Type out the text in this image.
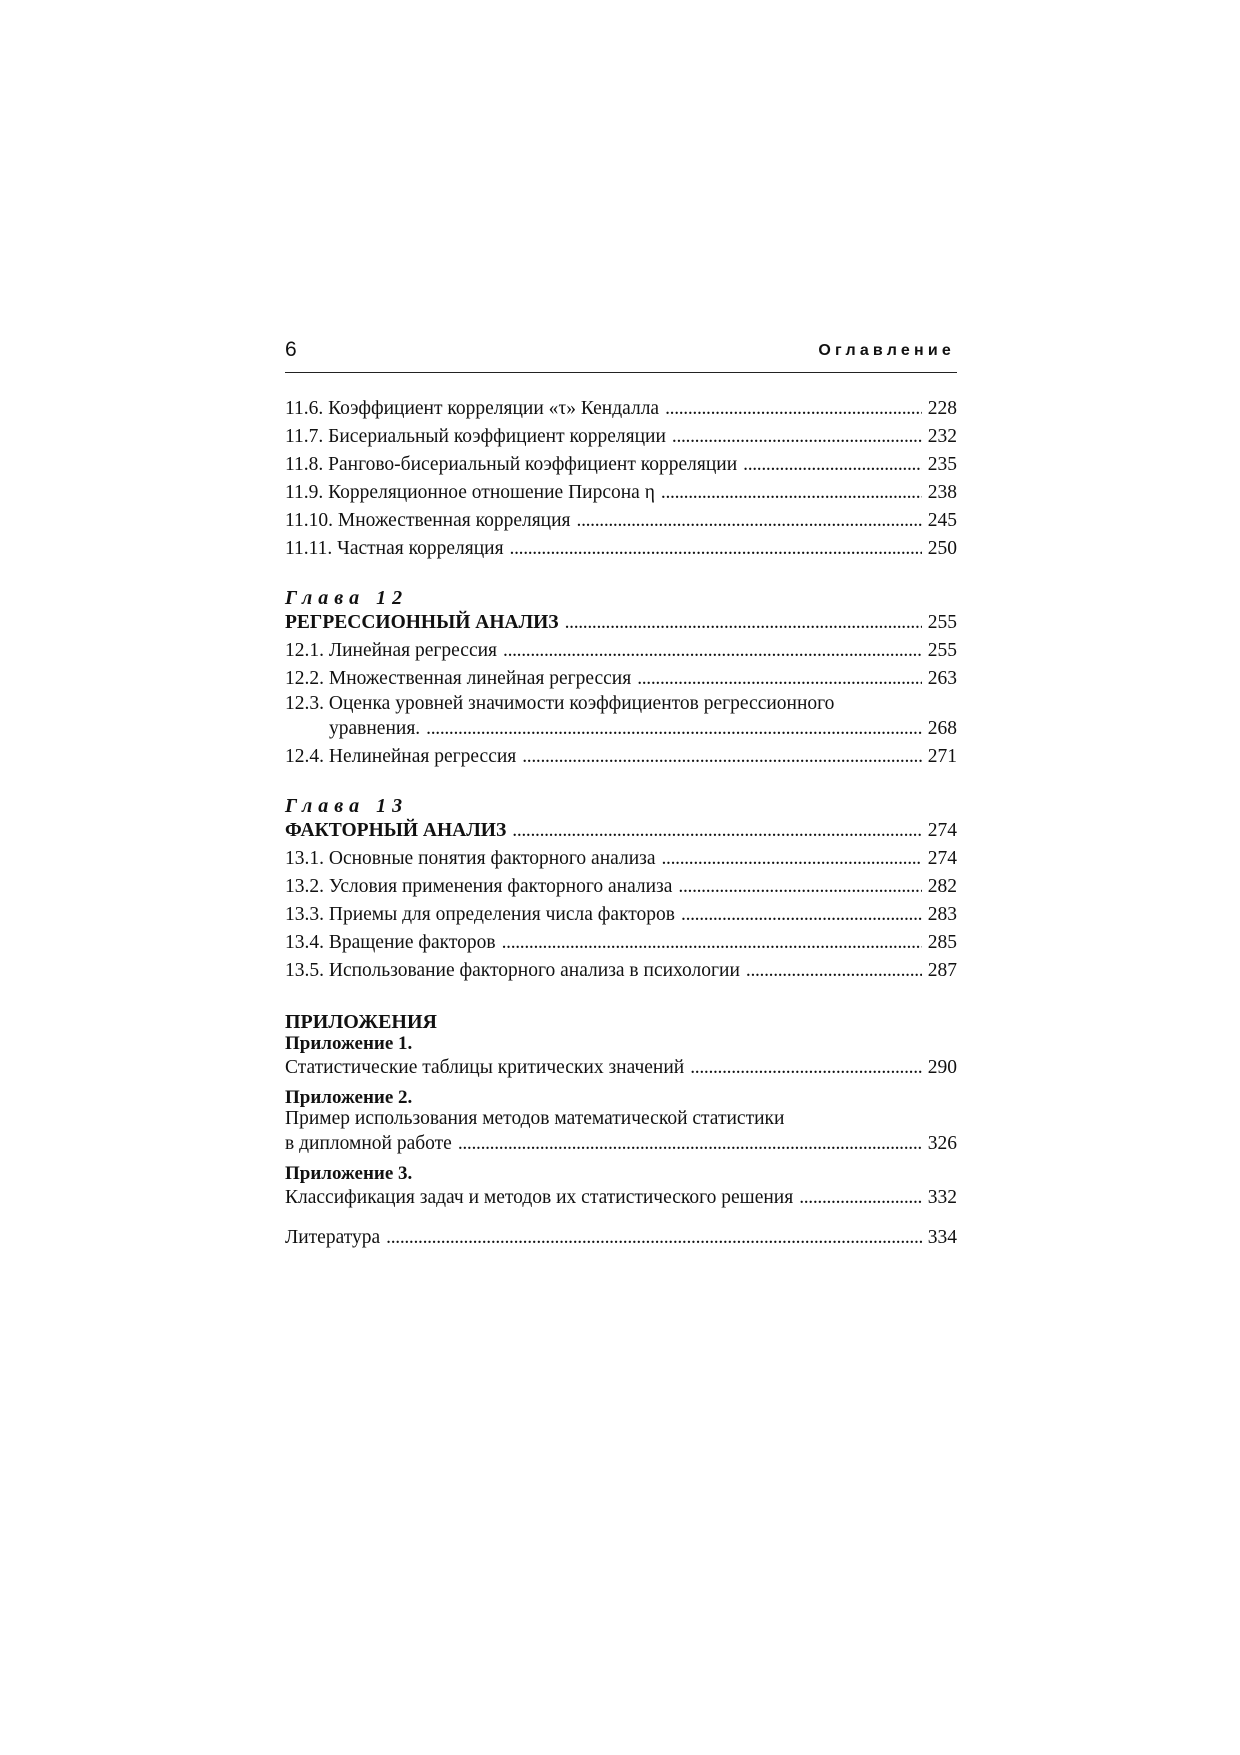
6	Оглавление
11.6. Коэффициент корреляции «τ» Кендалла . . .	228
11.7. Бисериальный коэффициент корреляции . . .	232
11.8. Рангово-бисериальный коэффициент корреляции . . .	235
11.9. Корреляционное отношение Пирсона η . . .	238
11.10. Множественная корреляция . . .	245
11.11. Частная корреляция . . .	250
Глава 12
РЕГРЕССИОННЫЙ АНАЛИЗ . . .	255
12.1. Линейная регрессия . . .	255
12.2. Множественная линейная регрессия . . .	263
12.3. Оценка уровней значимости коэффициентов регрессионного
уравнения. . . .	268
12.4. Нелинейная регрессия . . .	271
Глава 13
ФАКТОРНЫЙ АНАЛИЗ . . .	274
13.1. Основные понятия факторного анализа . . .	274
13.2. Условия применения факторного анализа . . .	282
13.3. Приемы для определения числа факторов . . .	283
13.4. Вращение факторов . . .	285
13.5. Использование факторного анализа в психологии . . .	287
ПРИЛОЖЕНИЯ
Приложение 1.
Статистические таблицы критических значений . . .	290
Приложение 2.
Пример использования методов математической статистики
в дипломной работе . . .	326
Приложение 3.
Классификация задач и методов их статистического решения . . .	332
Литература . . .	334
